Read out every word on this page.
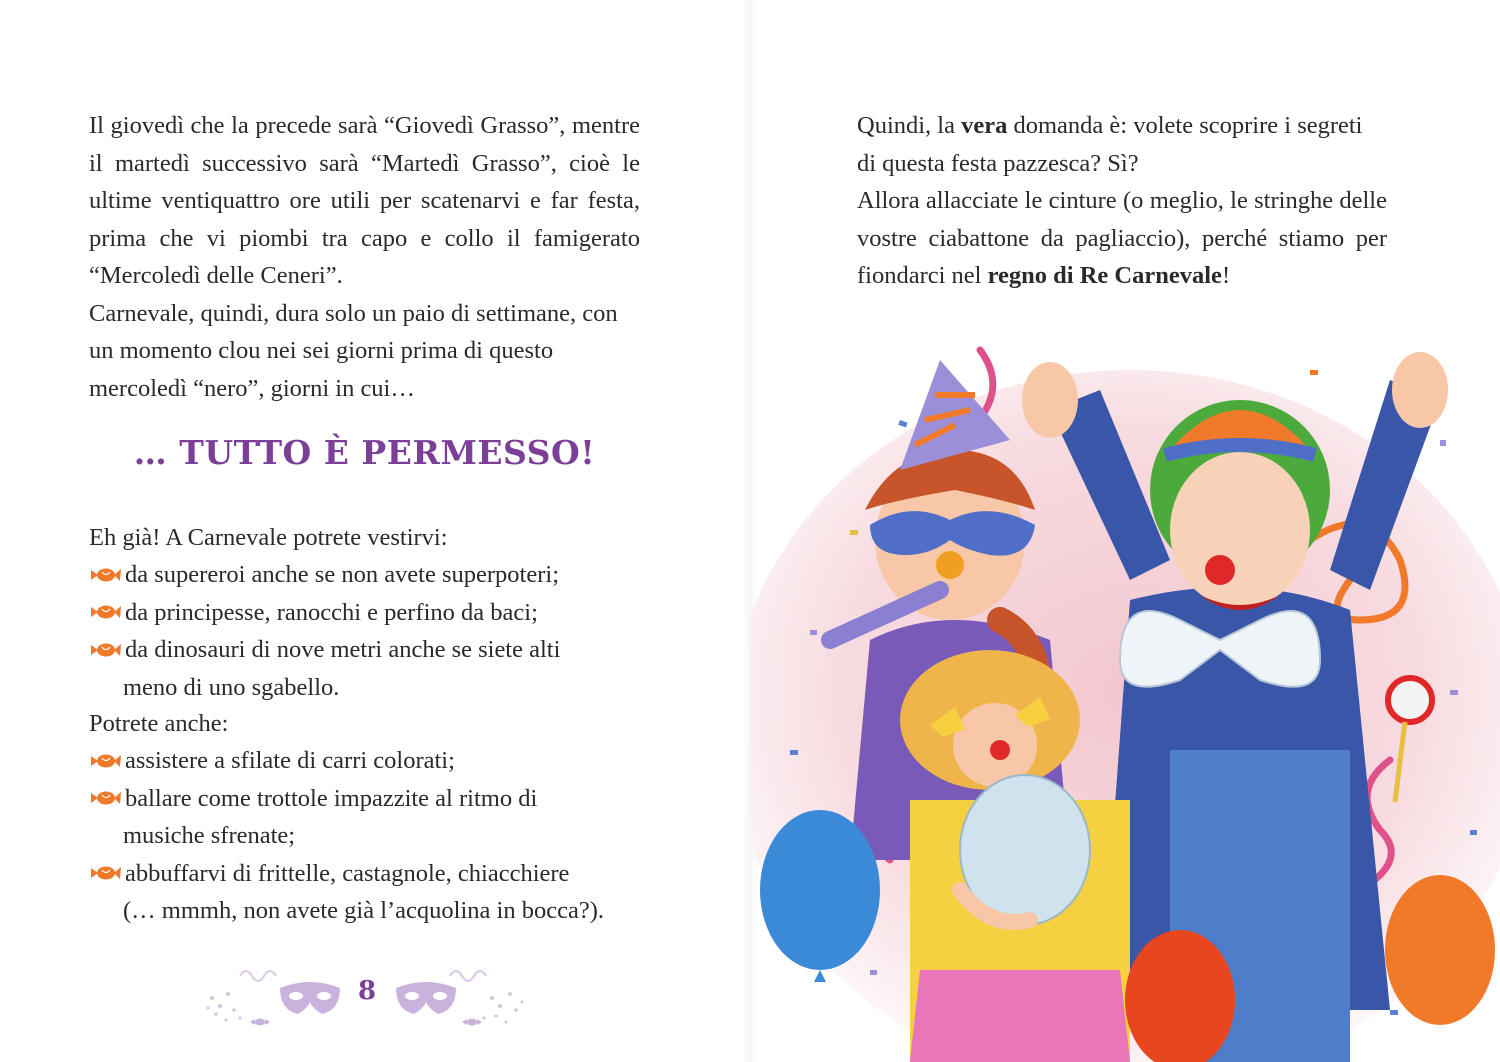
Il giovedì che la precede sarà “Giovedì Grasso”, mentre il martedì successivo sarà “Martedì Grasso”, cioè le ultime ventiquattro ore utili per scatenarvi e far festa, prima che vi piombi tra capo e collo il famigerato “Mercoledì delle Ceneri”.

Carnevale, quindi, dura solo un paio di settimane, con un momento clou nei sei giorni prima di questo mercoledì “nero”, giorni in cui…

… TUTTO È PERMESSO!
Eh già! A Carnevale potrete vestirvi:
da supereroi anche se non avete superpoteri;
da principesse, ranocchi e perfino da baci;
da dinosauri di nove metri anche se siete alti
meno di uno sgabello.
Potrete anche:
assistere a sfilate di carri colorati;
ballare come trottole impazzite al ritmo di
musiche sfrenate;
abbuffarvi di frittelle, castagnole, chiacchiere
(… mmmh, non avete già l’acquolina in bocca?).
8

Quindi, la vera domanda è: volete scoprire i segreti di questa festa pazzesca? Sì?

Allora allacciate le cinture (o meglio, le stringhe delle vostre ciabattone da pagliaccio), perché stiamo per fiondarci nel regno di Re Carnevale!
